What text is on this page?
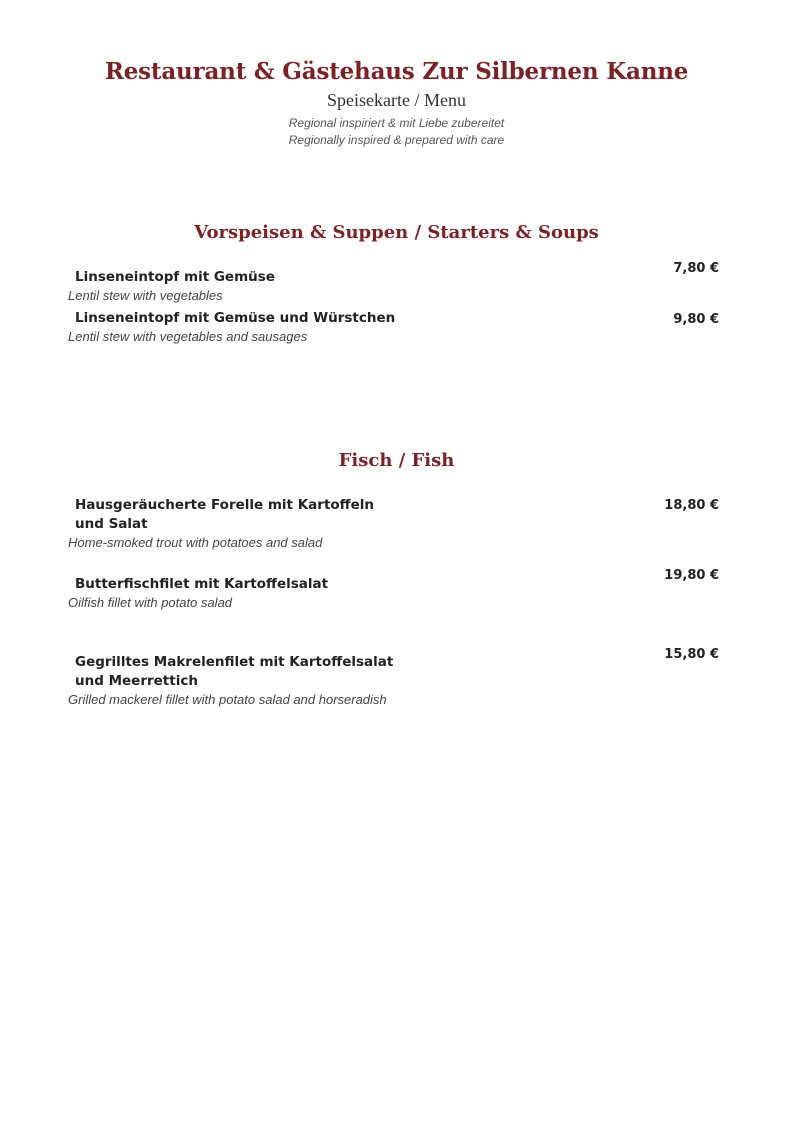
Restaurant & Gästehaus Zur Silbernen Kanne

Speisekarte / Menu

Regional inspiriert & mit Liebe zubereitet

Regionally inspired & prepared with care

Vorspeisen & Suppen / Starters & Soups

Linseneintopf mit Gemüse

7,80 €

Lentil stew with vegetables

Linseneintopf mit Gemüse und Würstchen	9,80 €

Lentil stew with vegetables and sausages

Fisch / Fish

Hausgeräucherte Forelle mit Kartoffeln und Salat

18,80 €

Home-smoked trout with potatoes and salad

Butterfischfilet mit Kartoffelsalat

19,80 €

Oilfish fillet with potato salad

Gegrilltes Makrelenfilet mit Kartoffelsalat und Meerrettich

15,80 €

Grilled mackerel fillet with potato salad and horseradish
